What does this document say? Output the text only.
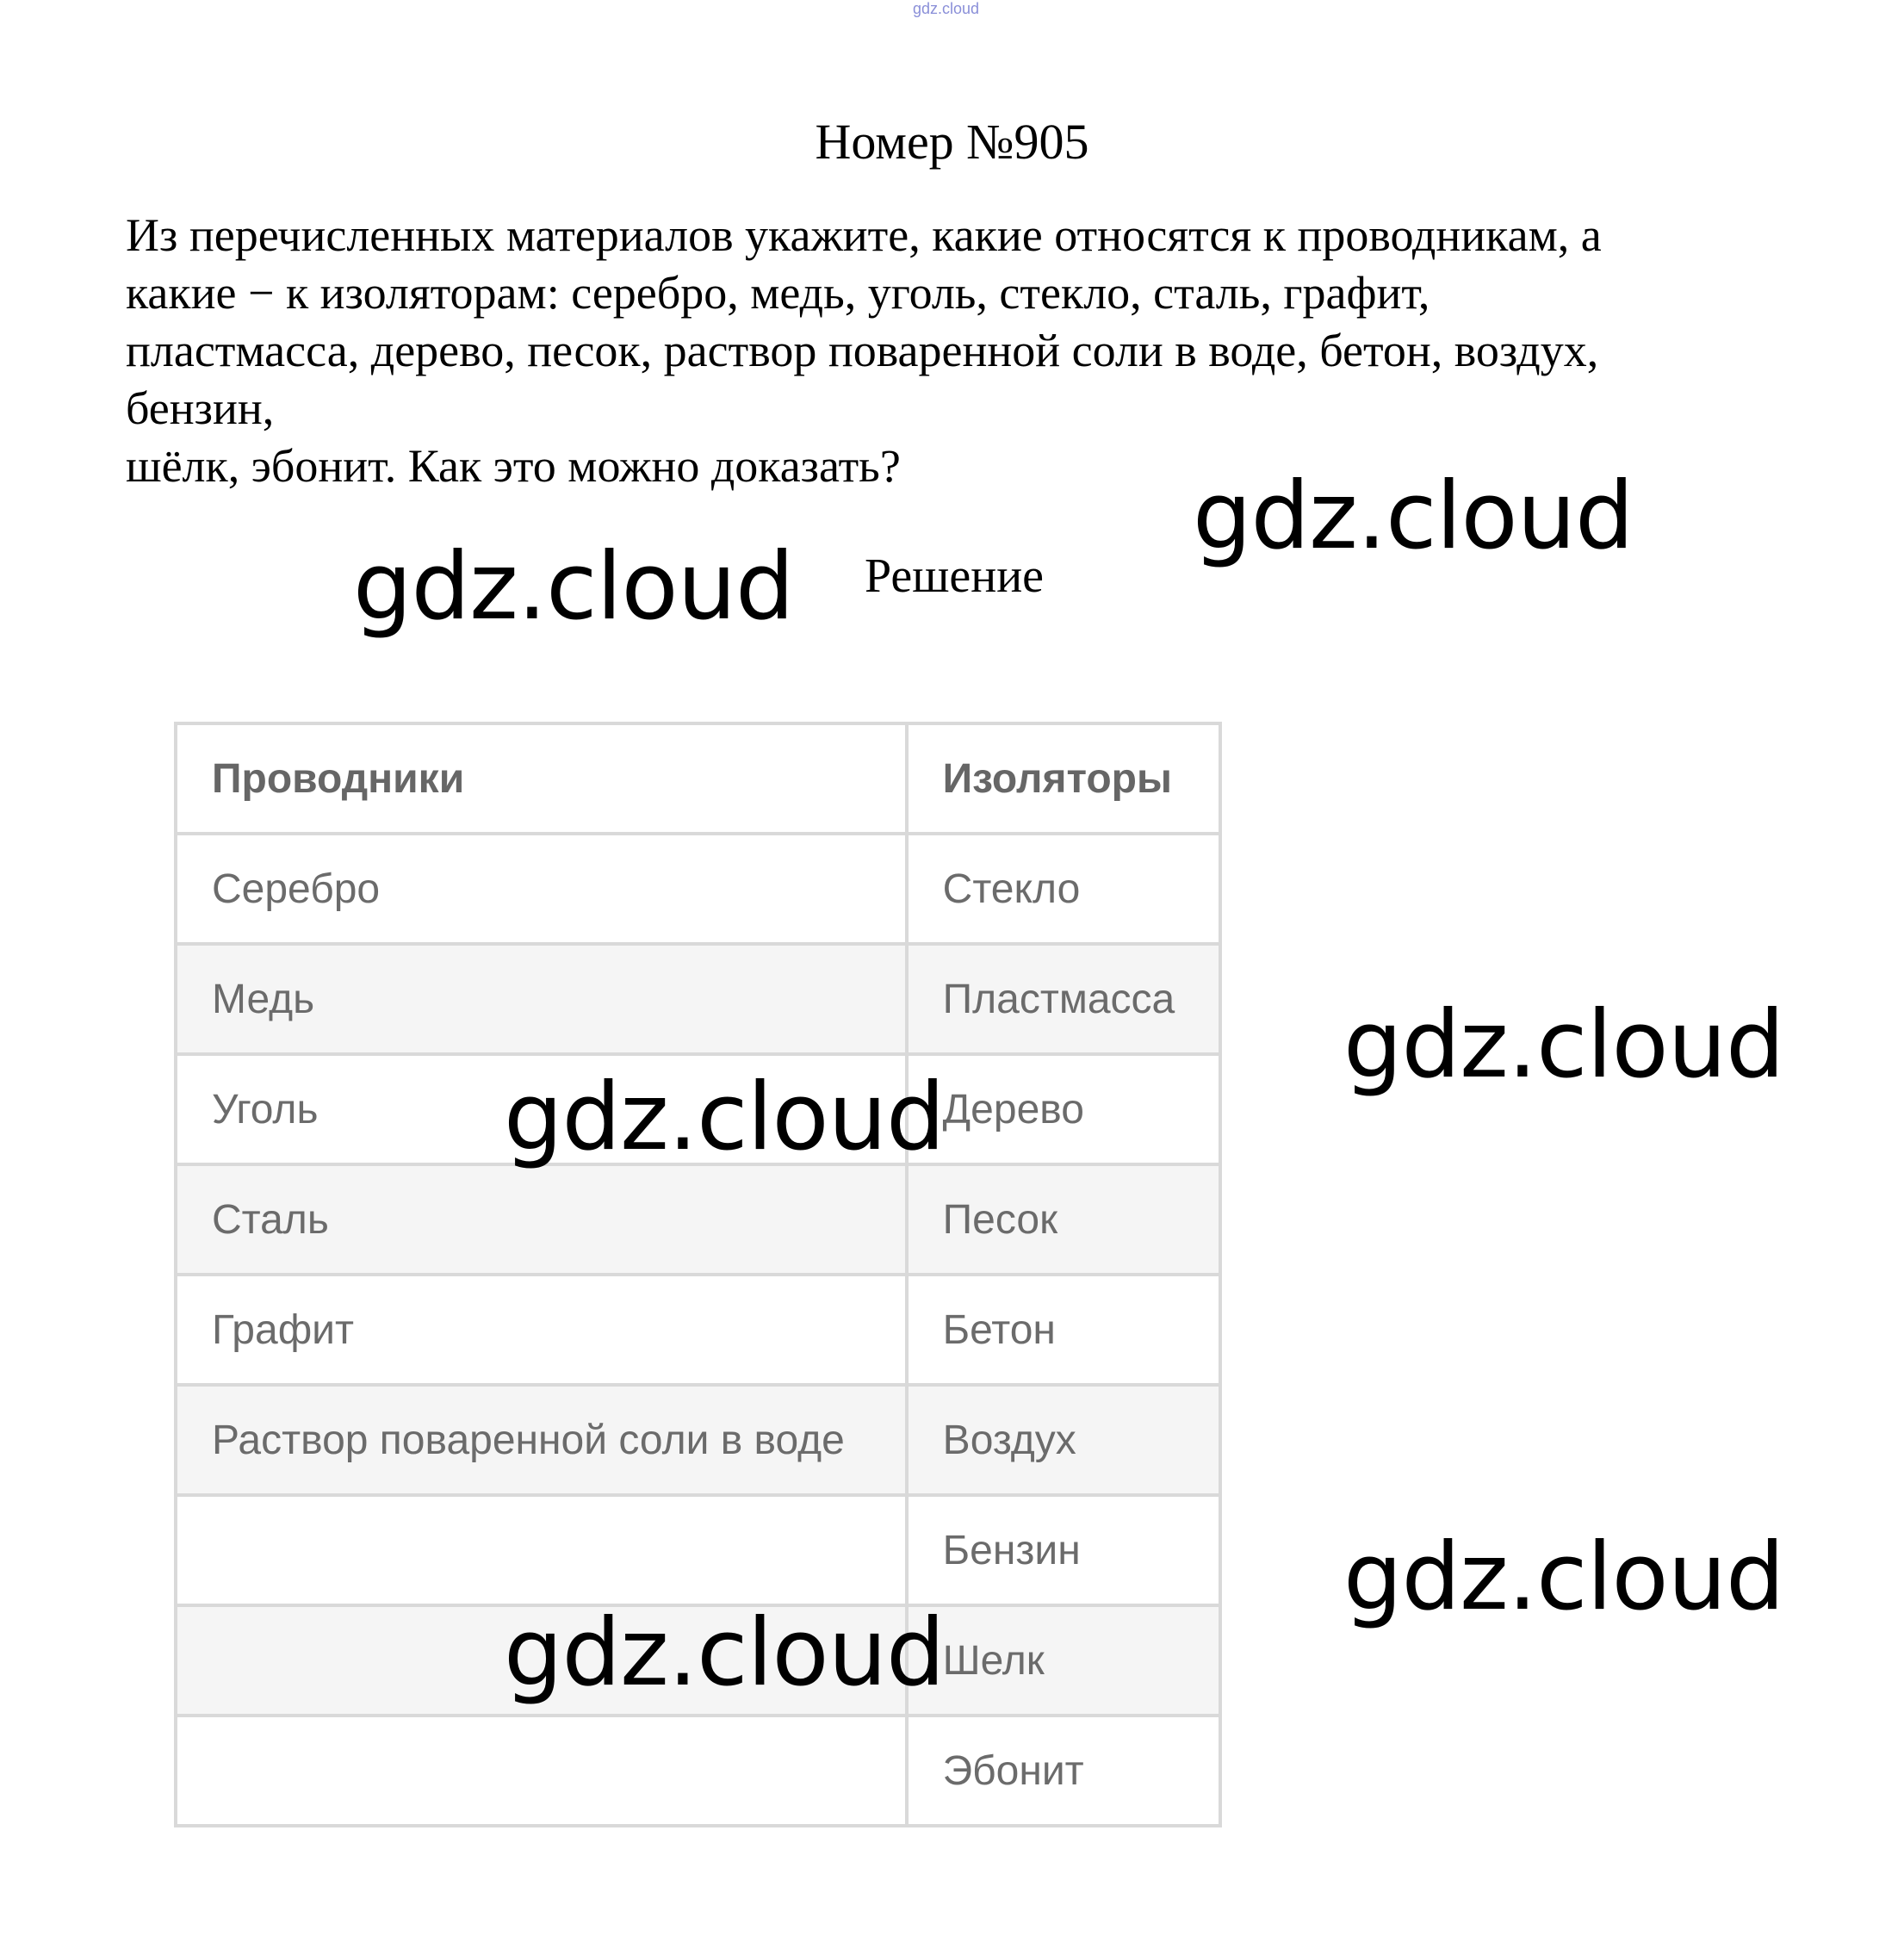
gdz.cloud
Номер №905
Из перечисленных материалов укажите, какие относятся к проводникам, а
какие − к изоляторам: серебро, медь, уголь, стекло, сталь, графит,
пластмасса, дерево, песок, раствор поваренной соли в воде, бетон, воздух,
бензин,
шёлк, эбонит. Как это можно доказать?
Решение
Проводники	Изоляторы
Серебро	Стекло
Медь	Пластмасса
Уголь	Дерево
Сталь	Песок
Графит	Бетон
Раствор поваренной соли в воде	Воздух
	Бензин
	Шелк
	Эбонит
gdz.cloud
gdz.cloud
gdz.cloud
gdz.cloud
gdz.cloud
gdz.cloud
